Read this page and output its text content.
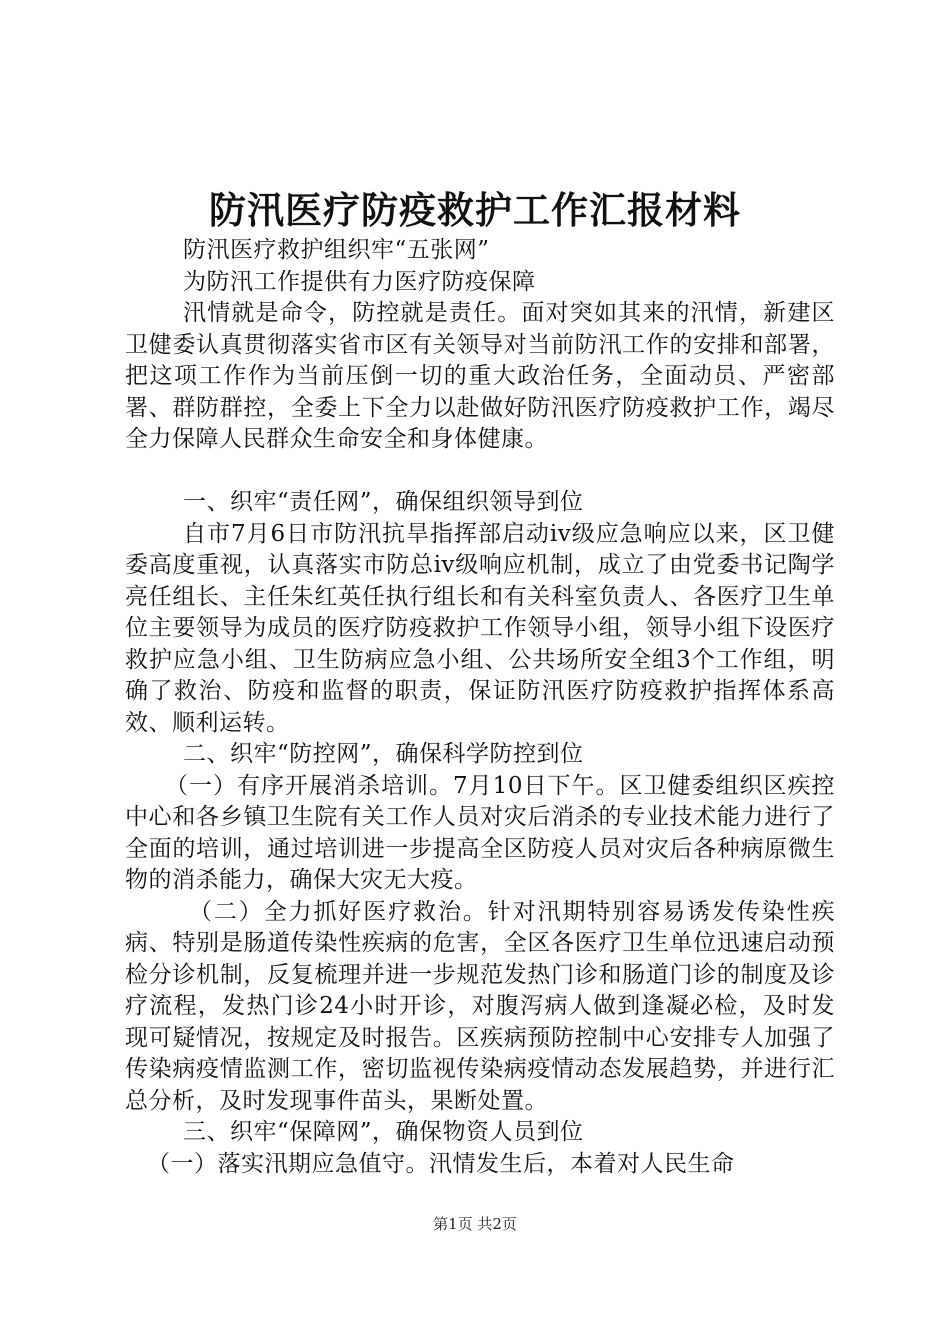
防汛医疗防疫救护工作汇报材料

防汛医疗救护组织牢“五张网”

为防汛工作提供有力医疗防疫保障

汛情就是命令，防控就是责任。面对突如其来的汛情，新建区卫健委认真贯彻落实省市区有关领导对当前防汛工作的安排和部署，把这项工作作为当前压倒一切的重大政治任务，全面动员、严密部署、群防群控，全委上下全力以赴做好防汛医疗防疫救护工作，竭尽全力保障人民群众生命安全和身体健康。

一、织牢“责任网”，确保组织领导到位

自市7月6日市防汛抗旱指挥部启动iv级应急响应以来，区卫健委高度重视，认真落实市防总iv级响应机制，成立了由党委书记陶学亮任组长、主任朱红英任执行组长和有关科室负责人、各医疗卫生单位主要领导为成员的医疗防疫救护工作领导小组，领导小组下设医疗救护应急小组、卫生防病应急小组、公共场所安全组3个工作组，明确了救治、防疫和监督的职责，保证防汛医疗防疫救护指挥体系高效、顺利运转。

二、织牢“防控网”，确保科学防控到位

（一）有序开展消杀培训。7月10日下午。区卫健委组织区疾控中心和各乡镇卫生院有关工作人员对灾后消杀的专业技术能力进行了全面的培训，通过培训进一步提高全区防疫人员对灾后各种病原微生物的消杀能力，确保大灾无大疫。

（二）全力抓好医疗救治。针对汛期特别容易诱发传染性疾病、特别是肠道传染性疾病的危害，全区各医疗卫生单位迅速启动预检分诊机制，反复梳理并进一步规范发热门诊和肠道门诊的制度及诊疗流程，发热门诊24小时开诊，对腹泻病人做到逢凝必检，及时发现可疑情况，按规定及时报告。区疾病预防控制中心安排专人加强了传染病疫情监测工作，密切监视传染病疫情动态发展趋势，并进行汇总分析，及时发现事件苗头，果断处置。

三、织牢“保障网”，确保物资人员到位

（一）落实汛期应急值守。汛情发生后，本着对人民生命

第1页 共2页
